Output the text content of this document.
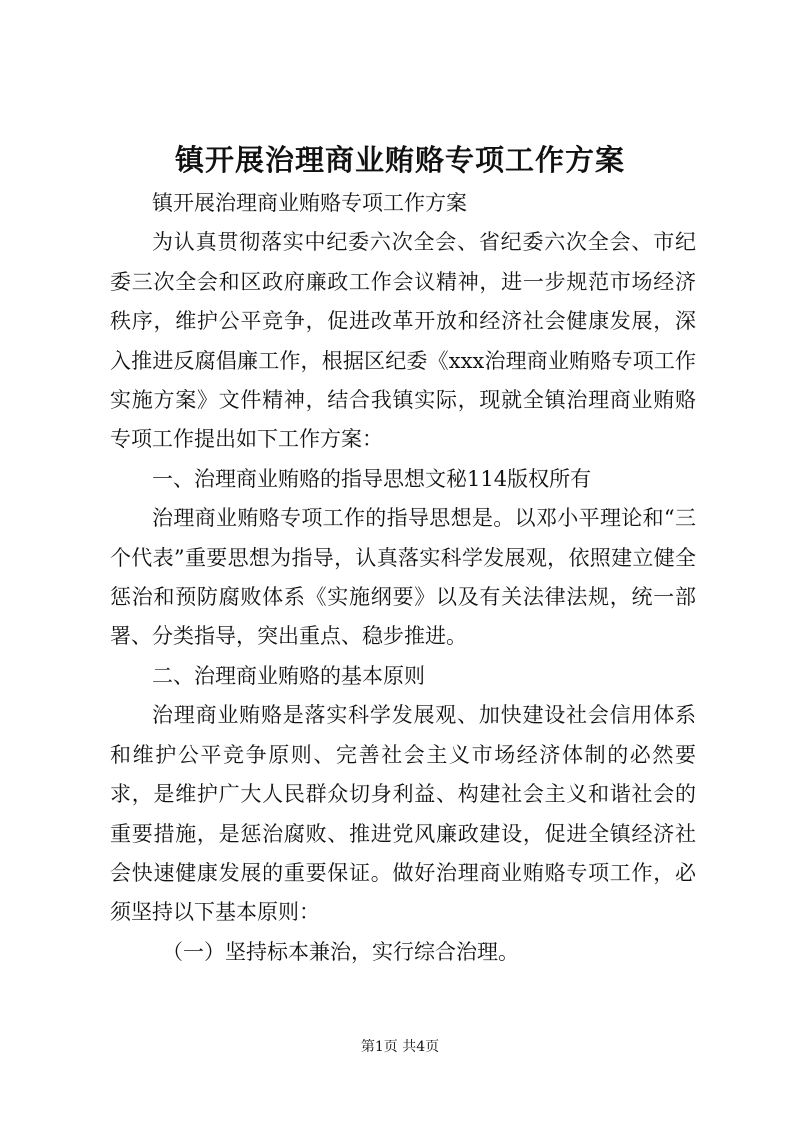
镇开展治理商业贿赂专项工作方案

镇开展治理商业贿赂专项工作方案

为认真贯彻落实中纪委六次全会、省纪委六次全会、市纪委三次全会和区政府廉政工作会议精神，进一步规范市场经济秩序，维护公平竞争，促进改革开放和经济社会健康发展，深入推进反腐倡廉工作，根据区纪委《xxx治理商业贿赂专项工作实施方案》文件精神，结合我镇实际，现就全镇治理商业贿赂专项工作提出如下工作方案：

一、治理商业贿赂的指导思想文秘114版权所有

治理商业贿赂专项工作的指导思想是。以邓小平理论和“三个代表”重要思想为指导，认真落实科学发展观，依照建立健全惩治和预防腐败体系《实施纲要》以及有关法律法规，统一部署、分类指导，突出重点、稳步推进。

二、治理商业贿赂的基本原则

治理商业贿赂是落实科学发展观、加快建设社会信用体系和维护公平竞争原则、完善社会主义市场经济体制的必然要求，是维护广大人民群众切身利益、构建社会主义和谐社会的重要措施，是惩治腐败、推进党风廉政建设，促进全镇经济社会快速健康发展的重要保证。做好治理商业贿赂专项工作，必须坚持以下基本原则：

（一）坚持标本兼治，实行综合治理。

第1页 共4页
